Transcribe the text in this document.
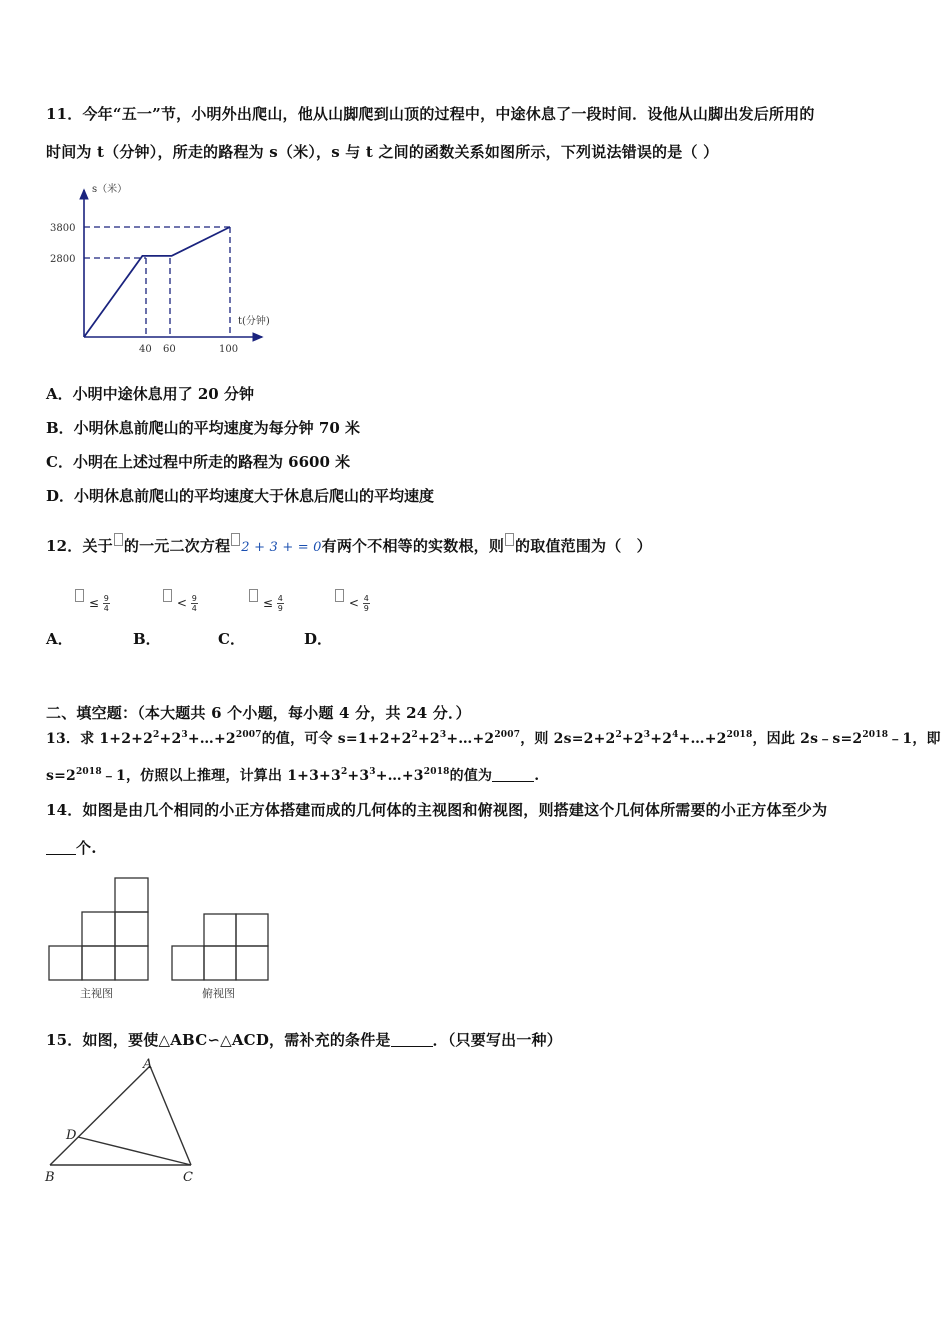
11．今年“五一”节，小明外出爬山，他从山脚爬到山顶的过程中，中途休息了一段时间．设他从山脚出发后所用的
时间为 t（分钟），所走的路程为 s（米），s 与 t 之间的函数关系如图所示，下列说法错误的是（ ）
s（米）
t(分钟)
3800
2800
40 60	100
A．小明中途休息用了 20 分钟
B．小明休息前爬山的平均速度为每分钟 70 米
C．小明在上述过程中所走的路程为 6600 米
D．小明休息前爬山的平均速度大于休息后爬山的平均速度
12．关于 的一元二次方程 2 + 3 + = 0有两个不相等的实数根，则 的取值范围为（　）
≤ $\frac{9}{4}$	< $\frac{9}{4}$	≤ $\frac{4}{9}$	< $\frac{4}{9}$
A．	B．	C．	D．
二、填空题：（本大题共 6 个小题，每小题 4 分，共 24 分．）
13．求 $1+2+2^2+2^3+\dots+2^{2007}$的值，可令 $s=1+2+2^2+2^3+\dots+2^{2007}$，则 $2s=2+2^2+2^3+2^4+\dots+2^{2018}$，因此 $2s﹣s=2^{2018}﹣1$，即
$s=2^{2018}﹣1$，仿照以上推理，计算出 $1+3+3^2+3^3+\dots+3^{2018}$的值为	.
14．如图是由几个相同的小正方体搭建而成的几何体的主视图和俯视图，则搭建这个几何体所需要的小正方体至少为
个.
主视图	俯视图
15．如图，要使△ABC∽△ACD，需补充的条件是	．（只要写出一种）
A
D
B	C
